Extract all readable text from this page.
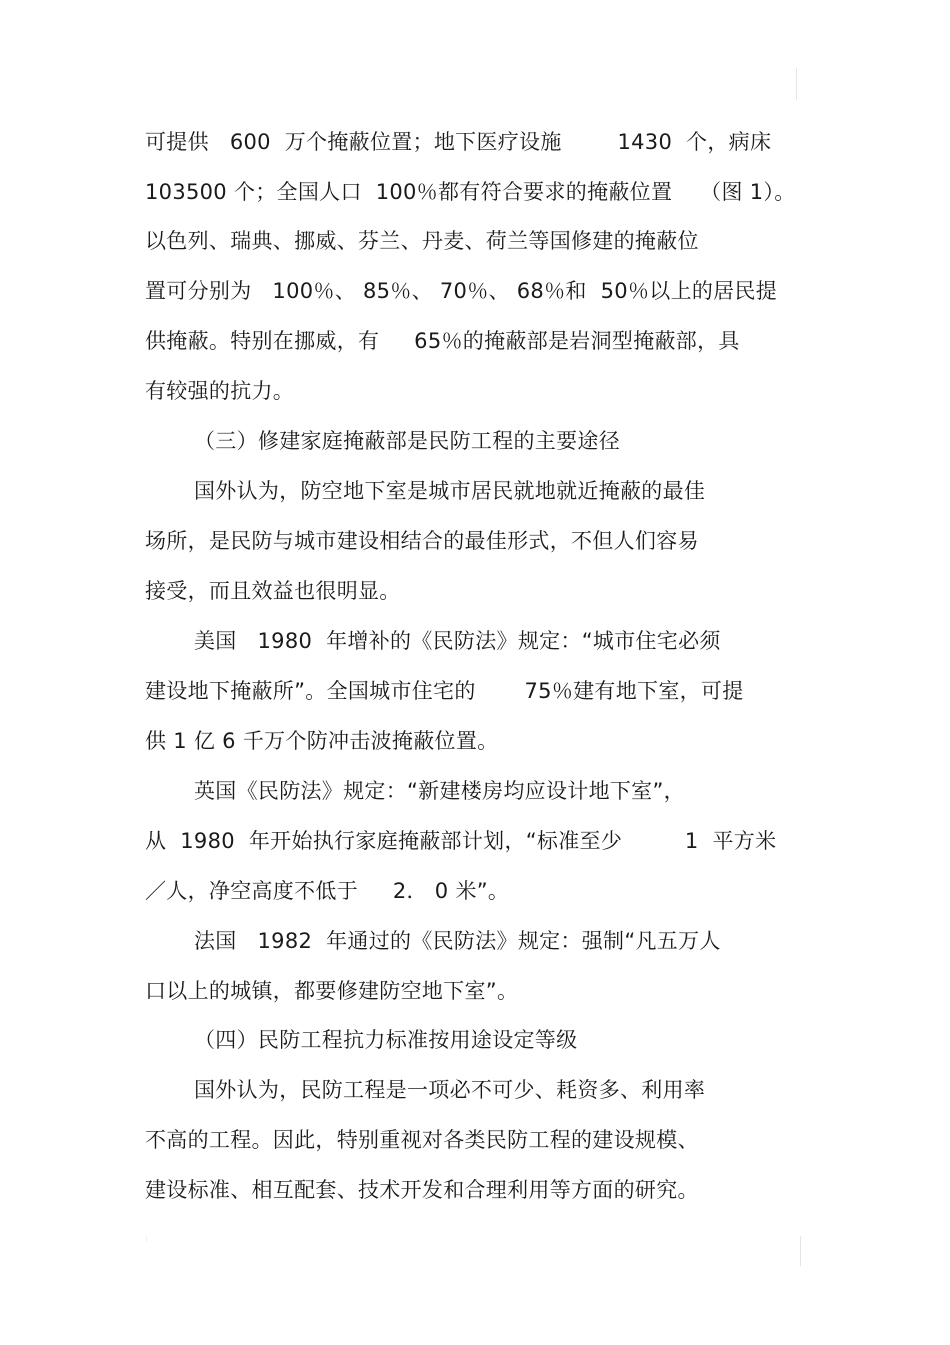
可提供   600  万个掩蔽位置；地下医疗设施        1430  个，病床
103500 个；全国人口  100％都有符合要求的掩蔽位置    （图 1）。
以色列、瑞典、挪威、芬兰、丹麦、荷兰等国修建的掩蔽位
置可分别为   100％、 85％、 70％、 68％和  50％以上的居民提
供掩蔽。特别在挪威，有     65％的掩蔽部是岩洞型掩蔽部，具
有较强的抗力。
（三）修建家庭掩蔽部是民防工程的主要途径
国外认为，防空地下室是城市居民就地就近掩蔽的最佳
场所，是民防与城市建设相结合的最佳形式，不但人们容易
接受，而且效益也很明显。
美国   1980  年增补的《民防法》规定：“城市住宅必须
建设地下掩蔽所”。全国城市住宅的       75％建有地下室，可提
供 1 亿 6 千万个防冲击波掩蔽位置。
英国《民防法》规定：“新建楼房均应设计地下室”，
从  1980  年开始执行家庭掩蔽部计划，“标准至少         1  平方米
／人，净空高度不低于     2． 0 米”。
法国   1982  年通过的《民防法》规定：强制“凡五万人
口以上的城镇，都要修建防空地下室”。
（四）民防工程抗力标准按用途设定等级
国外认为，民防工程是一项必不可少、耗资多、利用率
不高的工程。因此，特别重视对各类民防工程的建设规模、
建设标准、相互配套、技术开发和合理利用等方面的研究。
